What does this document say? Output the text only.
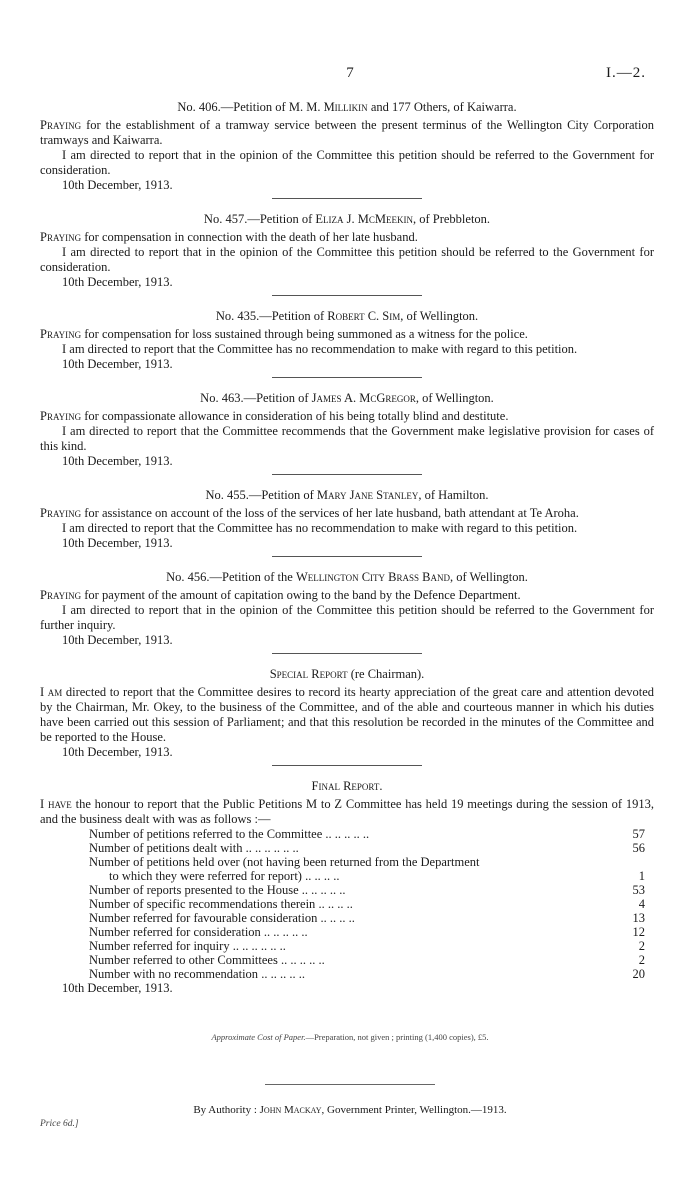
7	I.—2.

No. 406.—Petition of M. M. Millikin and 177 Others, of Kaiwarra.

Praying for the establishment of a tramway service between the present terminus of the Wellington City Corporation tramways and Kaiwarra.

I am directed to report that in the opinion of the Committee this petition should be referred to the Government for consideration.

10th December, 1913.

No. 457.—Petition of Eliza J. McMeekin, of Prebbleton.

Praying for compensation in connection with the death of her late husband.

I am directed to report that in the opinion of the Committee this petition should be referred to the Government for consideration.

10th December, 1913.

No. 435.—Petition of Robert C. Sim, of Wellington.

Praying for compensation for loss sustained through being summoned as a witness for the police.

I am directed to report that the Committee has no recommendation to make with regard to this petition.

10th December, 1913.

No. 463.—Petition of James A. McGregor, of Wellington.

Praying for compassionate allowance in consideration of his being totally blind and destitute.

I am directed to report that the Committee recommends that the Government make legislative provision for cases of this kind.

10th December, 1913.

No. 455.—Petition of Mary Jane Stanley, of Hamilton.

Praying for assistance on account of the loss of the services of her late husband, bath attendant at Te Aroha.

I am directed to report that the Committee has no recommendation to make with regard to this petition.

10th December, 1913.

No. 456.—Petition of the Wellington City Brass Band, of Wellington.

Praying for payment of the amount of capitation owing to the band by the Defence Department.

I am directed to report that in the opinion of the Committee this petition should be referred to the Government for further inquiry.

10th December, 1913.

Special Report (re Chairman).

I am directed to report that the Committee desires to record its hearty appreciation of the great care and attention devoted by the Chairman, Mr. Okey, to the business of the Committee, and of the able and courteous manner in which his duties have been carried out this session of Parliament; and that this resolution be recorded in the minutes of the Committee and be reported to the House.

10th December, 1913.

Final Report.

I have the honour to report that the Public Petitions M to Z Committee has held 19 meetings during the session of 1913, and the business dealt with was as follows :—

Number of petitions referred to the Committee .. .. .. .. ..	57
Number of petitions dealt with .. .. .. .. .. ..	56
Number of petitions held over (not having been returned from the Department	
to which they were referred for report) .. .. .. ..	1
Number of reports presented to the House .. .. .. .. ..	53
Number of specific recommendations therein .. .. .. ..	4
Number referred for favourable consideration .. .. .. ..	13
Number referred for consideration .. .. .. .. ..	12
Number referred for inquiry .. .. .. .. .. ..	2
Number referred to other Committees .. .. .. .. ..	2
Number with no recommendation .. .. .. .. ..	20

10th December, 1913.

Approximate Cost of Paper.—Preparation, not given ; printing (1,400 copies), £5.
By Authority : John Mackay, Government Printer, Wellington.—1913.
Price 6d.]
